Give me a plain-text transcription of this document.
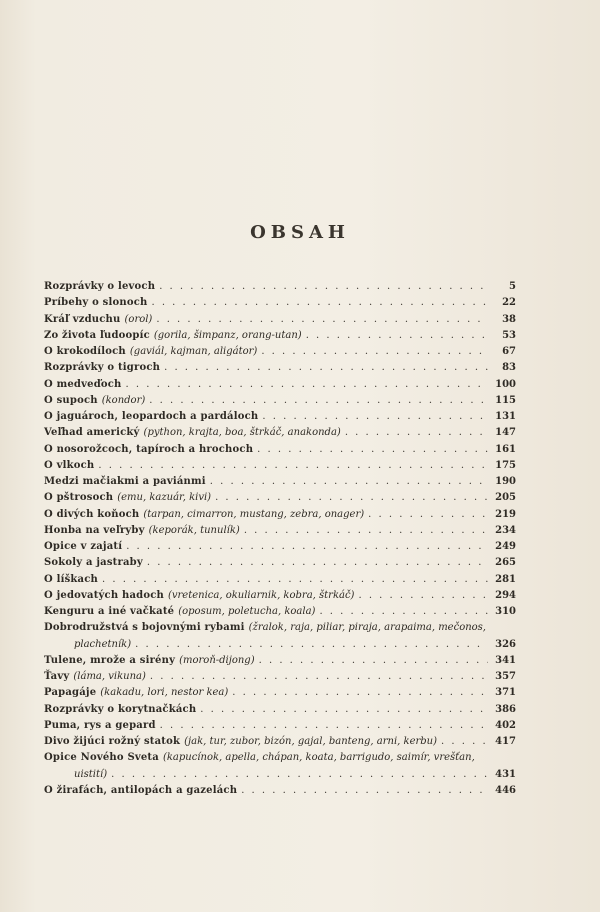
OBSAH
Rozprávky o levoch . . .	5
Príbehy o slonoch . . .	22
Kráľ vzduchu (orol) . . .	38
Zo života ľudoopíc (gorila, šimpanz, orang-utan) . . .	53
O krokodíloch (gaviál, kajman, aligátor) . . .	67
Rozprávky o tigroch . . .	83
O medveďoch . . .	100
O supoch (kondor) . . .	115
O jaguároch, leopardoch a pardáloch . . .	131
Veľhad americký (python, krajta, boa, štrkáč, anakonda) . . .	147
O nosorožcoch, tapíroch a hrochoch . . .	161
O vlkoch . . .	175
Medzi mačiakmi a paviánmi . . .	190
O pštrosoch (emu, kazuár, kivi) . . .	205
O divých koňoch (tarpan, cimarron, mustang, zebra, onager) . . .	219
Honba na veľryby (keporák, tunulík) . . .	234
Opice v zajatí . . .	249
Sokoly a jastraby . . .	265
O líškach . . .	281
O jedovatých hadoch (vretenica, okuliarnik, kobra, štrkáč) . . .	294
Kenguru a iné vačkaté (oposum, poletucha, koala) . . .	310
Dobrodružstvá s bojovnými rybami (žralok, raja, piliar, piraja, arapaima, mečonos,
plachetník) . . .	326
Tulene, mrože a sirény (moroň-dijong) . . .	341
Ťavy (láma, vikuna) . . .	357
Papagáje (kakadu, lori, nestor kea) . . .	371
Rozprávky o korytnačkách . . .	386
Puma, rys a gepard . . .	402
Divo žijúci rožný statok (jak, tur, zubor, bizón, gajal, banteng, arni, kerbu) . . .	417
Opice Nového Sveta (kapucínok, apella, chápan, koata, barrigudo, saimír, vrešťan,
uistití) . . .	431
O žirafách, antilopách a gazelách . . .	446
